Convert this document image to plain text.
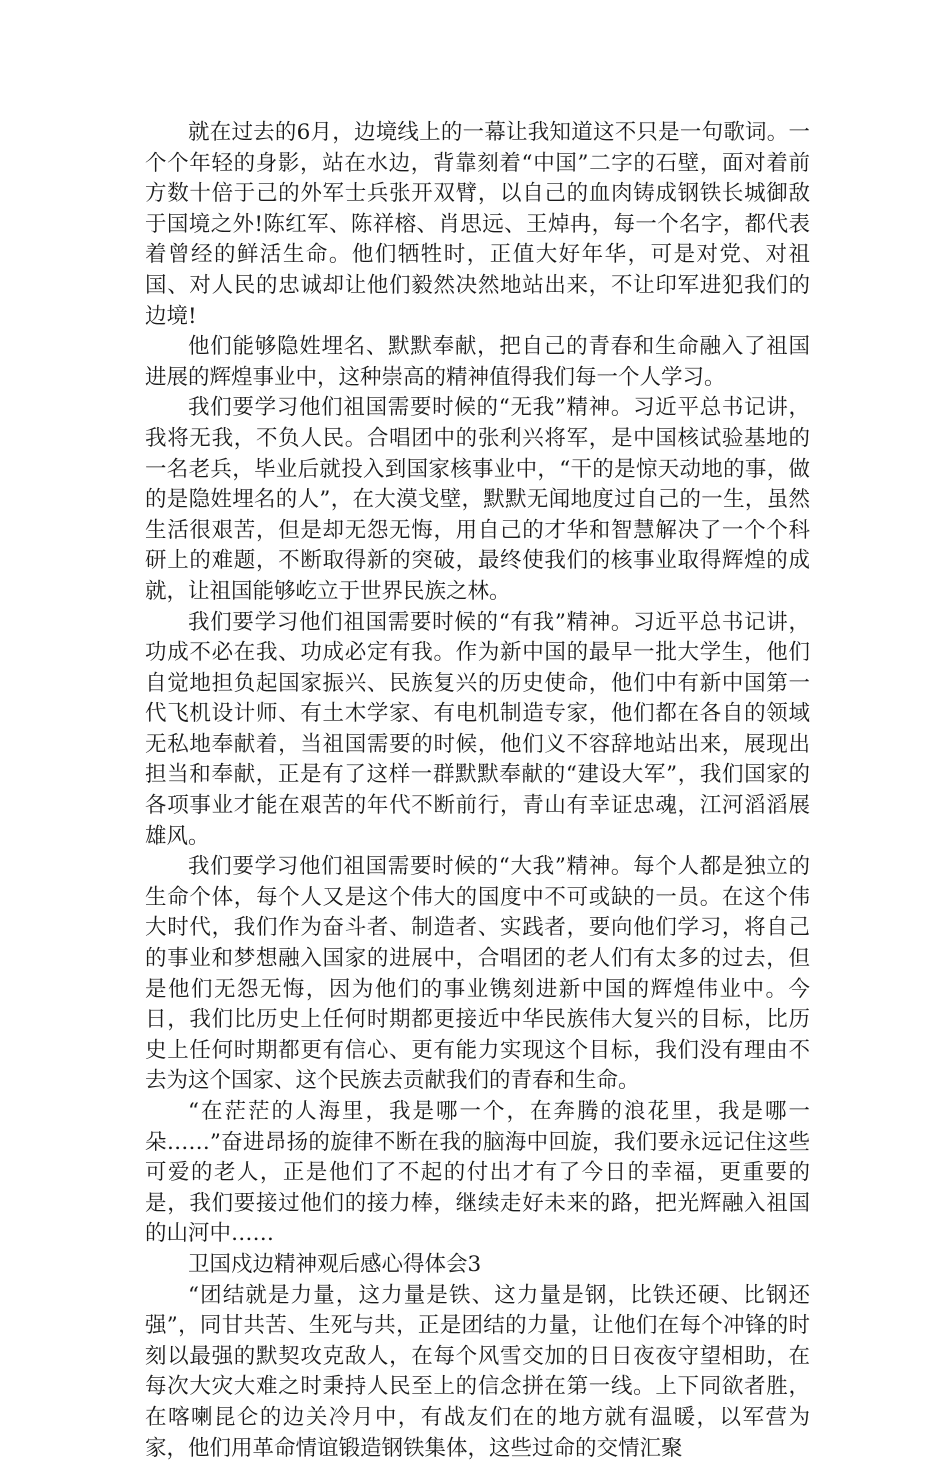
就在过去的6月，边境线上的一幕让我知道这不只是一句歌词。一个个年轻的身影，站在水边，背靠刻着“中国”二字的石壁，面对着前方数十倍于己的外军士兵张开双臂，以自己的血肉铸成钢铁长城御敌于国境之外!陈红军、陈祥榕、肖思远、王焯冉，每一个名字，都代表着曾经的鲜活生命。他们牺牲时，正值大好年华，可是对党、对祖国、对人民的忠诚却让他们毅然决然地站出来，不让印军进犯我们的边境!

他们能够隐姓埋名、默默奉献，把自己的青春和生命融入了祖国进展的辉煌事业中，这种崇高的精神值得我们每一个人学习。

我们要学习他们祖国需要时候的“无我”精神。习近平总书记讲，我将无我，不负人民。合唱团中的张利兴将军，是中国核试验基地的一名老兵，毕业后就投入到国家核事业中，“干的是惊天动地的事，做的是隐姓埋名的人”，在大漠戈壁，默默无闻地度过自己的一生，虽然生活很艰苦，但是却无怨无悔，用自己的才华和智慧解决了一个个科研上的难题，不断取得新的突破，最终使我们的核事业取得辉煌的成就，让祖国能够屹立于世界民族之林。

我们要学习他们祖国需要时候的“有我”精神。习近平总书记讲，功成不必在我、功成必定有我。作为新中国的最早一批大学生，他们自觉地担负起国家振兴、民族复兴的历史使命，他们中有新中国第一代飞机设计师、有土木学家、有电机制造专家，他们都在各自的领域无私地奉献着，当祖国需要的时候，他们义不容辞地站出来，展现出担当和奉献，正是有了这样一群默默奉献的“建设大军”，我们国家的各项事业才能在艰苦的年代不断前行，青山有幸证忠魂，江河滔滔展雄风。

我们要学习他们祖国需要时候的“大我”精神。每个人都是独立的生命个体，每个人又是这个伟大的国度中不可或缺的一员。在这个伟大时代，我们作为奋斗者、制造者、实践者，要向他们学习，将自己的事业和梦想融入国家的进展中，合唱团的老人们有太多的过去，但是他们无怨无悔，因为他们的事业镌刻进新中国的辉煌伟业中。今日，我们比历史上任何时期都更接近中华民族伟大复兴的目标，比历史上任何时期都更有信心、更有能力实现这个目标，我们没有理由不去为这个国家、这个民族去贡献我们的青春和生命。

“在茫茫的人海里，我是哪一个，在奔腾的浪花里，我是哪一朵……”奋进昂扬的旋律不断在我的脑海中回旋，我们要永远记住这些可爱的老人，正是他们了不起的付出才有了今日的幸福，更重要的是，我们要接过他们的接力棒，继续走好未来的路，把光辉融入祖国的山河中……

卫国戍边精神观后感心得体会3

“团结就是力量，这力量是铁、这力量是钢，比铁还硬、比钢还强”，同甘共苦、生死与共，正是团结的力量，让他们在每个冲锋的时刻以最强的默契攻克敌人，在每个风雪交加的日日夜夜守望相助，在每次大灾大难之时秉持人民至上的信念拼在第一线。上下同欲者胜，在喀喇昆仑的边关冷月中，有战友们在的地方就有温暖，以军营为家，他们用革命情谊锻造钢铁集体，这些过命的交情汇聚
